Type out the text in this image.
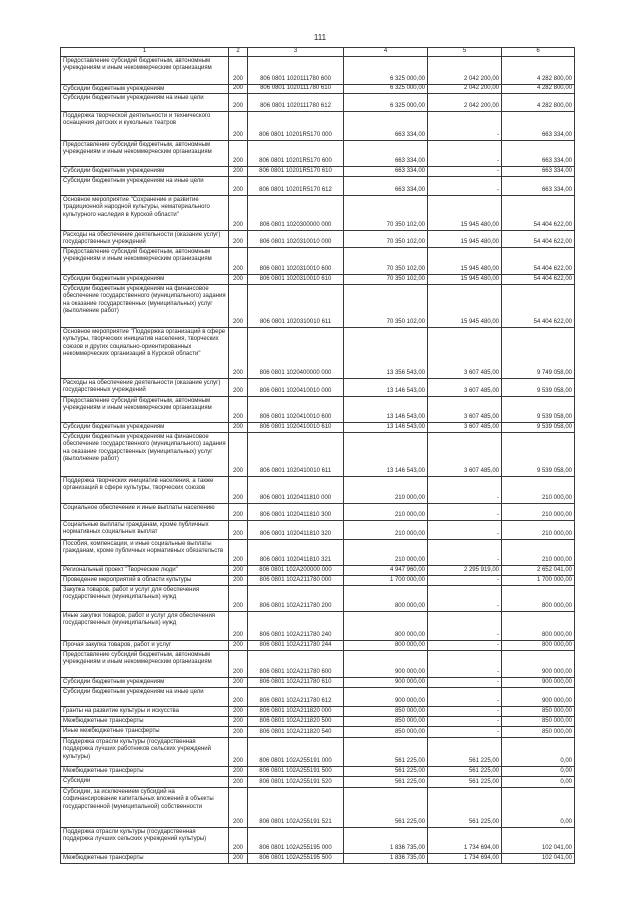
111
1	2	3	4	5	6
Предоставление субсидий бюджетным, автономным учреждениям и иным некоммерческим организациям	200	806 0801 1020111780 600	6 325 000,00	2 042 200,00	4 282 800,00
Субсидии бюджетным учреждениям	200	806 0801 1020111780 610	6 325 000,00	2 042 200,00	4 282 800,00
Субсидии бюджетным учреждениям на иные цели	200	806 0801 1020111780 612	6 325 000,00	2 042 200,00	4 282 800,00
Поддержка творческой деятельности и технического оснащения детских и кукольных театров	200	806 0801 10201R5170 000	663 334,00	-	663 334,00
Предоставление субсидий бюджетным, автономным учреждениям и иным некоммерческим организациям	200	806 0801 10201R5170 600	663 334,00	-	663 334,00
Субсидии бюджетным учреждениям	200	806 0801 10201R5170 610	663 334,00	-	663 334,00
Субсидии бюджетным учреждениям на иные цели	200	806 0801 10201R5170 612	663 334,00	-	663 334,00
Основное мероприятие "Сохранение и развитие традиционной народной культуры, нематериального культурного наследия в Курской области"	200	806 0801 1020300000 000	70 350 102,00	15 945 480,00	54 404 622,00
Расходы на обеспечение деятельности (оказание услуг) государственных учреждений	200	806 0801 1020310010 000	70 350 102,00	15 945 480,00	54 404 622,00
Предоставление субсидий бюджетным, автономным учреждениям и иным некоммерческим организациям	200	806 0801 1020310010 600	70 350 102,00	15 945 480,00	54 404 622,00
Субсидии бюджетным учреждениям	200	806 0801 1020310010 610	70 350 102,00	15 945 480,00	54 404 622,00
Субсидии бюджетным учреждениям на финансовое обеспечение государственного (муниципального) задания на оказание государственных (муниципальных) услуг (выполнение работ)	200	806 0801 1020310010 611	70 350 102,00	15 945 480,00	54 404 622,00
Основное мероприятие "Поддержка организаций в сфере культуры, творческих инициатив населения, творческих союзов и других социально-ориентированных некоммерческих организаций в Курской области"	200	806 0801 1020400000 000	13 356 543,00	3 607 485,00	9 749 058,00
Расходы на обеспечение деятельности (оказание услуг) государственных учреждений	200	806 0801 1020410010 000	13 146 543,00	3 607 485,00	9 539 058,00
Предоставление субсидий бюджетным, автономным учреждениям и иным некоммерческим организациям	200	806 0801 1020410010 600	13 146 543,00	3 607 485,00	9 539 058,00
Субсидии бюджетным учреждениям	200	806 0801 1020410010 610	13 146 543,00	3 607 485,00	9 539 058,00
Субсидии бюджетным учреждениям на финансовое обеспечение государственного (муниципального) задания на оказание государственных (муниципальных) услуг (выполнение работ)	200	806 0801 1020410010 611	13 146 543,00	3 607 485,00	9 539 058,00
Поддержка творческих инициатив населения, а также организаций в сфере культуры, творческих союзов	200	806 0801 1020411810 000	210 000,00	-	210 000,00
Социальное обеспечение и иные выплаты населению	200	806 0801 1020411810 300	210 000,00	-	210 000,00
Социальные выплаты гражданам, кроме публичных нормативных социальных выплат	200	806 0801 1020411810 320	210 000,00	-	210 000,00
Пособия, компенсации, и иные социальные выплаты гражданам, кроме публичных нормативных обязательств	200	806 0801 1020411810 321	210 000,00	-	210 000,00
Региональный проект "Творческие люди"	200	806 0801 102A200000 000	4 947 960,00	2 295 919,00	2 652 041,00
Проведение мероприятий в области культуры	200	806 0801 102A211780 000	1 700 000,00	-	1 700 000,00
Закупка товаров, работ и услуг для обеспечения государственных (муниципальных) нужд	200	806 0801 102A211780 200	800 000,00	-	800 000,00
Иные закупки товаров, работ и услуг для обеспечения государственных (муниципальных) нужд	200	806 0801 102A211780 240	800 000,00	-	800 000,00
Прочая закупка товаров, работ и услуг	200	806 0801 102A211780 244	800 000,00	-	800 000,00
Предоставление субсидий бюджетным, автономным учреждениям и иным некоммерческим организациям	200	806 0801 102A211780 600	900 000,00	-	900 000,00
Субсидии бюджетным учреждениям	200	806 0801 102A211780 610	900 000,00	-	900 000,00
Субсидии бюджетным учреждениям на иные цели	200	806 0801 102A211780 612	900 000,00	-	900 000,00
Гранты на развитие культуры и искусства	200	806 0801 102A211820 000	850 000,00	-	850 000,00
Межбюджетные трансферты	200	806 0801 102A211820 500	850 000,00	-	850 000,00
Иные межбюджетные трансферты	200	806 0801 102A211820 540	850 000,00	-	850 000,00
Поддержка отрасли культуры (государственная поддержка лучших работников сельских учреждений культуры)	200	806 0801 102A255191 000	561 225,00	561 225,00	0,00
Межбюджетные трансферты	200	806 0801 102A255191 500	561 225,00	561 225,00	0,00
Субсидии	200	806 0801 102A255191 520	561 225,00	561 225,00	0,00
Субсидии, за исключением субсидий на софинансирование капитальных вложений в объекты государственной (муниципальной) собственности	200	806 0801 102A255191 521	561 225,00	561 225,00	0,00
Поддержка отрасли культуры (государственная поддержка лучших сельских учреждений культуры)	200	806 0801 102A255195 000	1 836 735,00	1 734 694,00	102 041,00
Межбюджетные трансферты	200	806 0801 102A255195 500	1 836 735,00	1 734 694,00	102 041,00
